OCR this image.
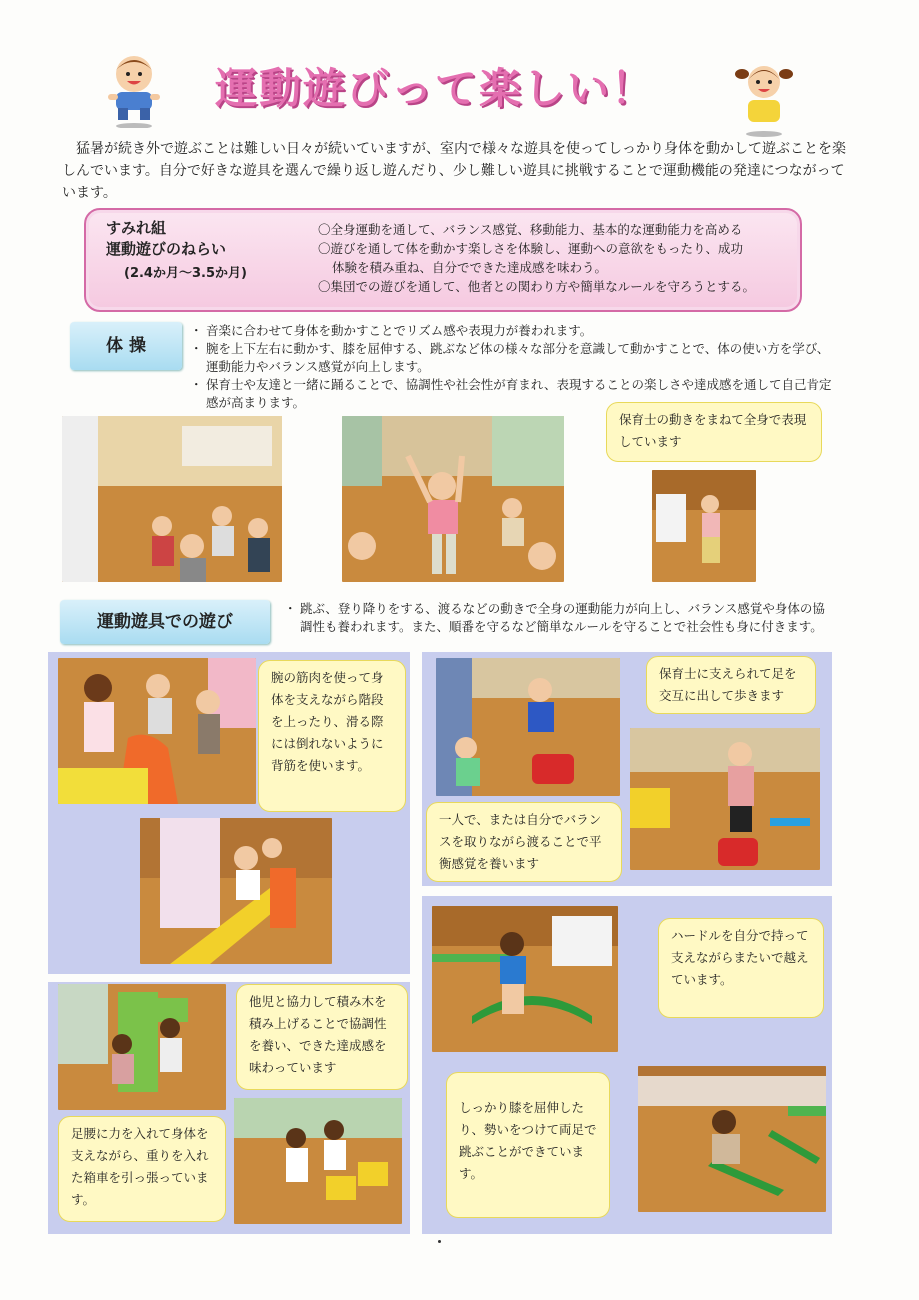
運動遊びって楽しい！
猛暑が続き外で遊ぶことは難しい日々が続いていますが、室内で様々な遊具を使ってしっかり身体を動かして遊ぶことを楽しんでいます。自分で好きな遊具を選んで繰り返し遊んだり、少し難しい遊具に挑戦することで運動機能の発達につながっています。
すみれ組
運動遊びのねらい
(2.4か月～3.5か月)
〇全身運動を通して、バランス感覚、移動能力、基本的な運動能力を高める
〇遊びを通して体を動かす楽しさを体験し、運動への意欲をもったり、成功
体験を積み重ね、自分でできた達成感を味わう。
〇集団での遊びを通して、他者との関わり方や簡単なルールを守ろうとする。
体 操
・ 音楽に合わせて身体を動かすことでリズム感や表現力が養われます。
・ 腕を上下左右に動かす、膝を屈伸する、跳ぶなど体の様々な部分を意識して動かすことで、体の使い方を学び、運動能力やバランス感覚が向上します。
・ 保育士や友達と一緒に踊ることで、協調性や社会性が育まれ、表現することの楽しさや達成感を通して自己肯定感が高まります。
保育士の動きをまねて全身で表現しています
運動遊具での遊び
・ 跳ぶ、登り降りをする、渡るなどの動きで全身の運動能力が向上し、バランス感覚や身体の協調性も養われます。また、順番を守るなど簡単なルールを守ることで社会性も身に付きます。
腕の筋肉を使って身体を支えながら階段を上ったり、滑る際には倒れないように背筋を使います。
保育士に支えられて足を交互に出して歩きます
一人で、または自分でバランスを取りながら渡ることで平衡感覚を養います
ハードルを自分で持って支えながらまたいで越えています。
しっかり膝を屈伸したり、勢いをつけて両足で跳ぶことができています。
他児と協力して積み木を積み上げることで協調性を養い、できた達成感を味わっています
足腰に力を入れて身体を支えながら、重りを入れた箱車を引っ張っています。
